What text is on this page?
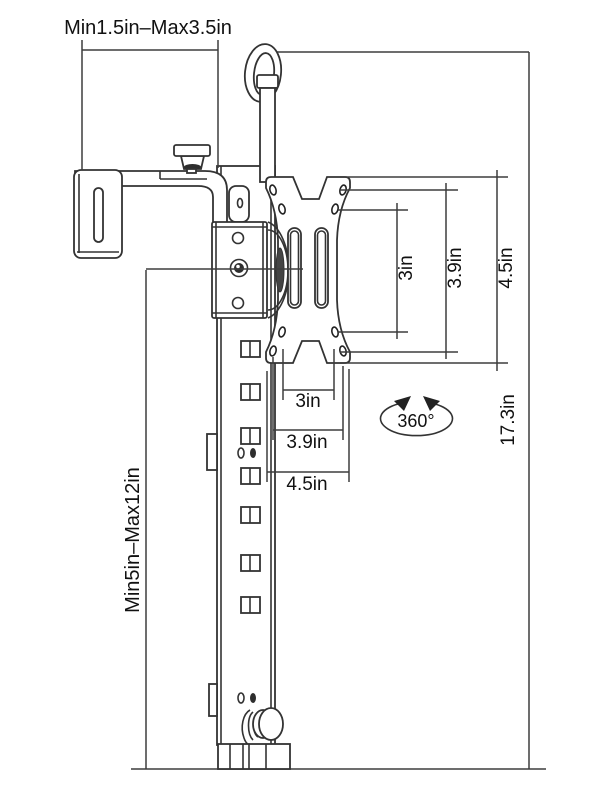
Min1.5in–Max3.5in
Min5in–Max12in
17.3in
3in 3.9in 4.5in
3in
3.9in
4.5in
360°
